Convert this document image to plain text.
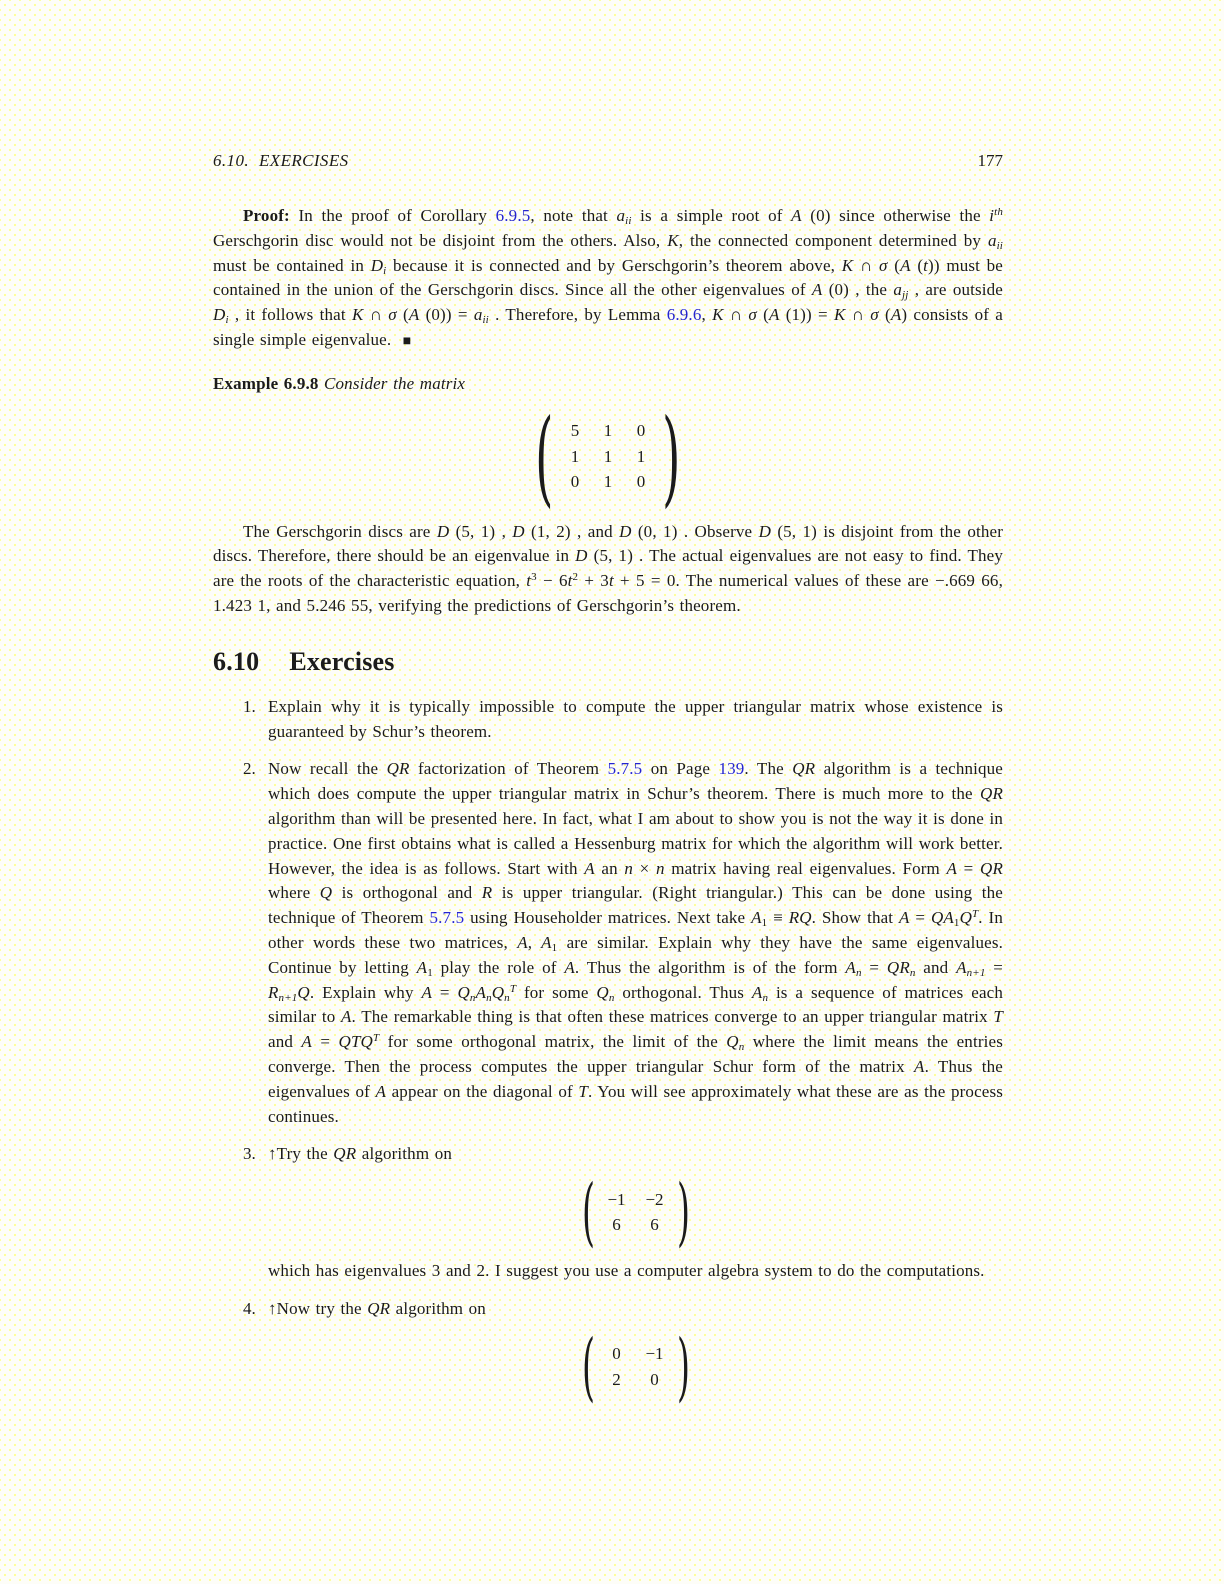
6.10. EXERCISES	177

Proof: In the proof of Corollary 6.9.5, note that aii is a simple root of A (0) since otherwise the $i^{th}$ Gerschgorin disc would not be disjoint from the others. Also, K, the connected component determined by aii must be contained in Di because it is connected and by Gerschgorin’s theorem above, K ∩ σ (A (t)) must be contained in the union of the Gerschgorin discs. Since all the other eigenvalues of A (0) , the ajj , are outside Di , it follows that K ∩ σ (A (0)) = aii . Therefore, by Lemma 6.9.6, K ∩ σ (A (1)) = K ∩ σ (A) consists of a single simple eigenvalue. ■

Example 6.9.8 Consider the matrix

( 5 1 0
1 1 1
0 1 0 )

The Gerschgorin discs are D (5, 1) , D (1, 2) , and D (0, 1) . Observe D (5, 1) is disjoint from the other discs. Therefore, there should be an eigenvalue in D (5, 1) . The actual eigenvalues are not easy to find. They are the roots of the characteristic equation, $t^3 - 6t^2 + 3t + 5 = 0$. The numerical values of these are −.669 66, 1.423 1, and 5.246 55, verifying the predictions of Gerschgorin’s theorem.

6.10 Exercises
1. Explain why it is typically impossible to compute the upper triangular matrix whose existence is guaranteed by Schur’s theorem.
2. Now recall the QR factorization of Theorem 5.7.5 on Page 139. The QR algorithm is a technique which does compute the upper triangular matrix in Schur’s theorem. There is much more to the QR algorithm than will be presented here. In fact, what I am about to show you is not the way it is done in practice. One first obtains what is called a Hessenburg matrix for which the algorithm will work better. However, the idea is as follows. Start with A an n × n matrix having real eigenvalues. Form A = QR where Q is orthogonal and R is upper triangular. (Right triangular.) This can be done using the technique of Theorem 5.7.5 using Householder matrices. Next take $A_1$ ≡ RQ. Show that $A = QA_1Q^T$. In other words these two matrices, A, $A_1$ are similar. Explain why they have the same eigenvalues. Continue by letting $A_1$ play the role of A. Thus the algorithm is of the form An = QRn and An+1 = Rn+1Q. Explain why A = QnAnQn$^T$ for some Qn orthogonal. Thus An is a sequence of matrices each similar to A. The remarkable thing is that often these matrices converge to an upper triangular matrix T and $A = QTQ^T$ for some orthogonal matrix, the limit of the Qn where the limit means the entries converge. Then the process computes the upper triangular Schur form of the matrix A. Thus the eigenvalues of A appear on the diagonal of T. You will see approximately what these are as the process continues.
3. ↑Try the QR algorithm on
( −1 −2
6	6 )
which has eigenvalues 3 and 2. I suggest you use a computer algebra system to do the computations.
4. ↑Now try the QR algorithm on
(	0	−1
2	0 )
